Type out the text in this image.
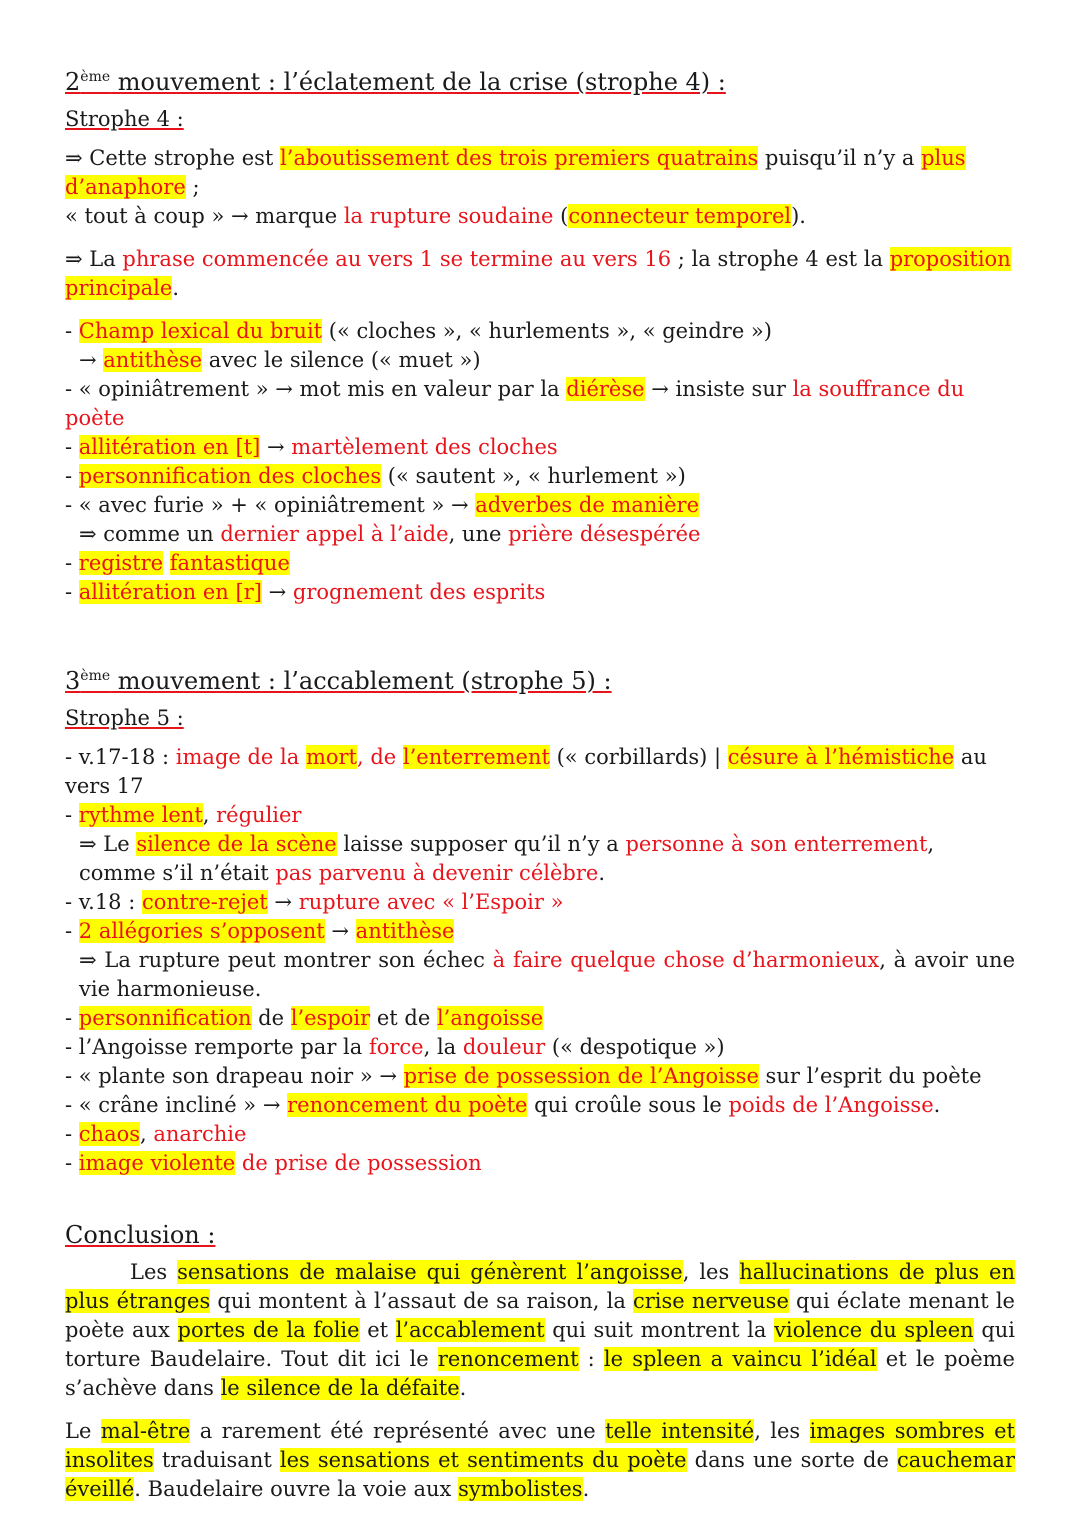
2ème mouvement : l’éclatement de la crise (strophe 4) :
Strophe 4 :
⇒ Cette strophe est l’aboutissement des trois premiers quatrains puisqu’il n’y a plus d’anaphore ;
« tout à coup » → marque la rupture soudaine (connecteur temporel).
⇒ La phrase commencée au vers 1 se termine au vers 16 ; la strophe 4 est la proposition principale.
- Champ lexical du bruit (« cloches », « hurlements », « geindre »)
→ antithèse avec le silence (« muet »)
- « opiniâtrement » → mot mis en valeur par la diérèse → insiste sur la souffrance du poète
- allitération en [t] → martèlement des cloches
- personnification des cloches (« sautent », « hurlement »)
- « avec furie » + « opiniâtrement » → adverbes de manière
⇒ comme un dernier appel à l’aide, une prière désespérée
- registre fantastique
- allitération en [r] → grognement des esprits
3ème mouvement : l’accablement (strophe 5) :
Strophe 5 :
- v.17-18 : image de la mort, de l’enterrement (« corbillards) | césure à l’hémistiche au vers 17
- rythme lent, régulier
⇒ Le silence de la scène laisse supposer qu’il n’y a personne à son enterrement, comme s’il n’était pas parvenu à devenir célèbre.
- v.18 : contre-rejet → rupture avec « l’Espoir »
- 2 allégories s’opposent → antithèse
⇒ La rupture peut montrer son échec à faire quelque chose d’harmonieux, à avoir une vie harmonieuse.
- personnification de l’espoir et de l’angoisse
- l’Angoisse remporte par la force, la douleur (« despotique »)
- « plante son drapeau noir » → prise de possession de l’Angoisse sur l’esprit du poète
- « crâne incliné » → renoncement du poète qui croûle sous le poids de l’Angoisse.
- chaos, anarchie
- image violente de prise de possession
Conclusion :
Les sensations de malaise qui génèrent l’angoisse, les hallucinations de plus en plus étranges qui montent à l’assaut de sa raison, la crise nerveuse qui éclate menant le poète aux portes de la folie et l’accablement qui suit montrent la violence du spleen qui torture Baudelaire. Tout dit ici le renoncement : le spleen a vaincu l’idéal et le poème s’achève dans le silence de la défaite.
Le mal-être a rarement été représenté avec une telle intensité, les images sombres et insolites traduisant les sensations et sentiments du poète dans une sorte de cauchemar éveillé. Baudelaire ouvre la voie aux symbolistes.
